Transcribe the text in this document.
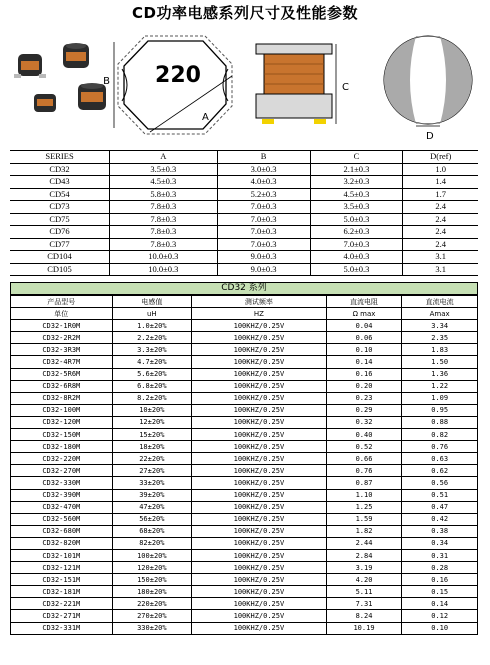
CD功率电感系列尺寸及性能参数
220
B
A
C
D
SERIES	A	B	C	D(ref)
CD32	3.5±0.3	3.0±0.3	2.1±0.3	1.0
CD43	4.5±0.3	4.0±0.3	3.2±0.3	1.4
CD54	5.8±0.3	5.2±0.3	4.5±0.3	1.7
CD73	7.8±0.3	7.0±0.3	3.5±0.3	2.4
CD75	7.8±0.3	7.0±0.3	5.0±0.3	2.4
CD76	7.8±0.3	7.0±0.3	6.2±0.3	2.4
CD77	7.8±0.3	7.0±0.3	7.0±0.3	2.4
CD104	10.0±0.3	9.0±0.3	4.0±0.3	3.1
CD105	10.0±0.3	9.0±0.3	5.0±0.3	3.1
CD32 系列
产品型号	电感值	测试频率	直流电阻	直流电流
单位	uH	HZ	Ω max	Amax
CD32-1R0M	1.0±20%	100KHZ/0.25V	0.04	3.34
CD32-2R2M	2.2±20%	100KHZ/0.25V	0.06	2.35
CD32-3R3M	3.3±20%	100KHZ/0.25V	0.10	1.83
CD32-4R7M	4.7±20%	100KHZ/0.25V	0.14	1.50
CD32-5R6M	5.6±20%	100KHZ/0.25V	0.16	1.36
CD32-6R8M	6.8±20%	100KHZ/0.25V	0.20	1.22
CD32-8R2M	8.2±20%	100KHZ/0.25V	0.23	1.09
CD32-100M	10±20%	100KHZ/0.25V	0.29	0.95
CD32-120M	12±20%	100KHZ/0.25V	0.32	0.88
CD32-150M	15±20%	100KHZ/0.25V	0.40	0.82
CD32-180M	18±20%	100KHZ/0.25V	0.52	0.76
CD32-220M	22±20%	100KHZ/0.25V	0.66	0.63
CD32-270M	27±20%	100KHZ/0.25V	0.76	0.62
CD32-330M	33±20%	100KHZ/0.25V	0.87	0.56
CD32-390M	39±20%	100KHZ/0.25V	1.10	0.51
CD32-470M	47±20%	100KHZ/0.25V	1.25	0.47
CD32-560M	56±20%	100KHZ/0.25V	1.59	0.42
CD32-680M	68±20%	100KHZ/0.25V	1.82	0.38
CD32-820M	82±20%	100KHZ/0.25V	2.44	0.34
CD32-101M	100±20%	100KHZ/0.25V	2.84	0.31
CD32-121M	120±20%	100KHZ/0.25V	3.19	0.28
CD32-151M	150±20%	100KHZ/0.25V	4.20	0.16
CD32-181M	180±20%	100KHZ/0.25V	5.11	0.15
CD32-221M	220±20%	100KHZ/0.25V	7.31	0.14
CD32-271M	270±20%	100KHZ/0.25V	8.24	0.12
CD32-331M	330±20%	100KHZ/0.25V	10.19	0.10
